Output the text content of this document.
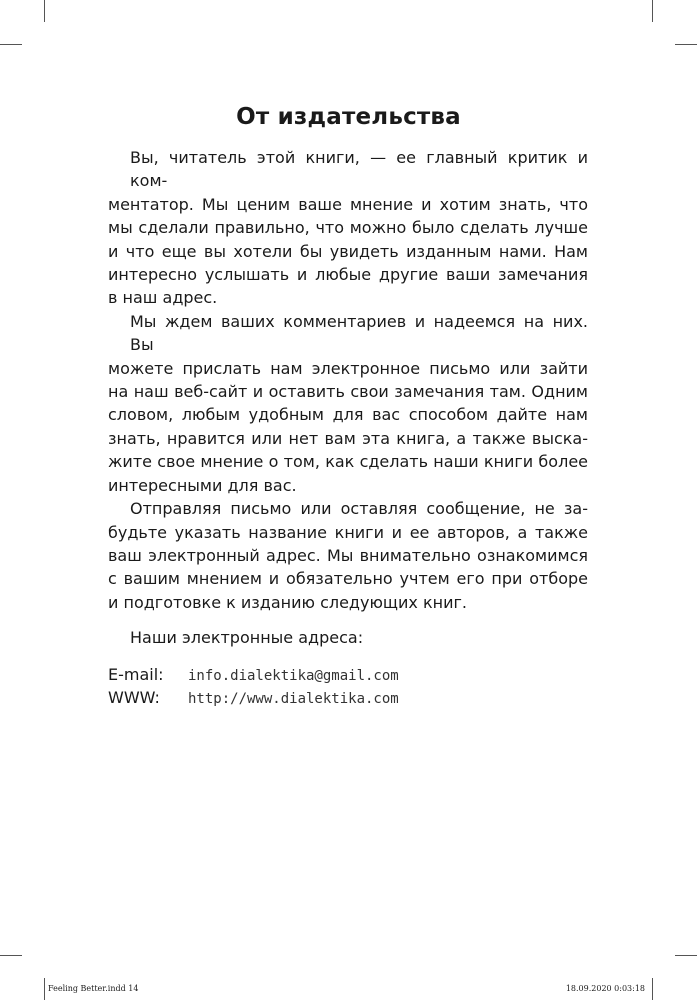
От издательства

Вы, читатель этой книги, — ее главный критик и ком-
ментатор. Мы ценим ваше мнение и хотим знать, что
мы сделали правильно, что можно было сделать лучше
и что еще вы хотели бы увидеть изданным нами. Нам
интересно услышать и любые другие ваши замечания
в наш адрес.

Мы ждем ваших комментариев и надеемся на них. Вы
можете прислать нам электронное письмо или зайти
на наш веб-сайт и оставить свои замечания там. Одним
словом, любым удобным для вас способом дайте нам
знать, нравится или нет вам эта книга, а также выска-
жите свое мнение о том, как сделать наши книги более
интересными для вас.

Отправляя письмо или оставляя сообщение, не за-
будьте указать название книги и ее авторов, а также
ваш электронный адрес. Мы внимательно ознакомимся
с вашим мнением и обязательно учтем его при отборе
и подготовке к изданию следующих книг.

Наши электронные адреса:

E-mail:	info.dialektika@gmail.com
WWW:	http://www.dialektika.com
Feeling Better.indd 14	18.09.2020 0:03:18
